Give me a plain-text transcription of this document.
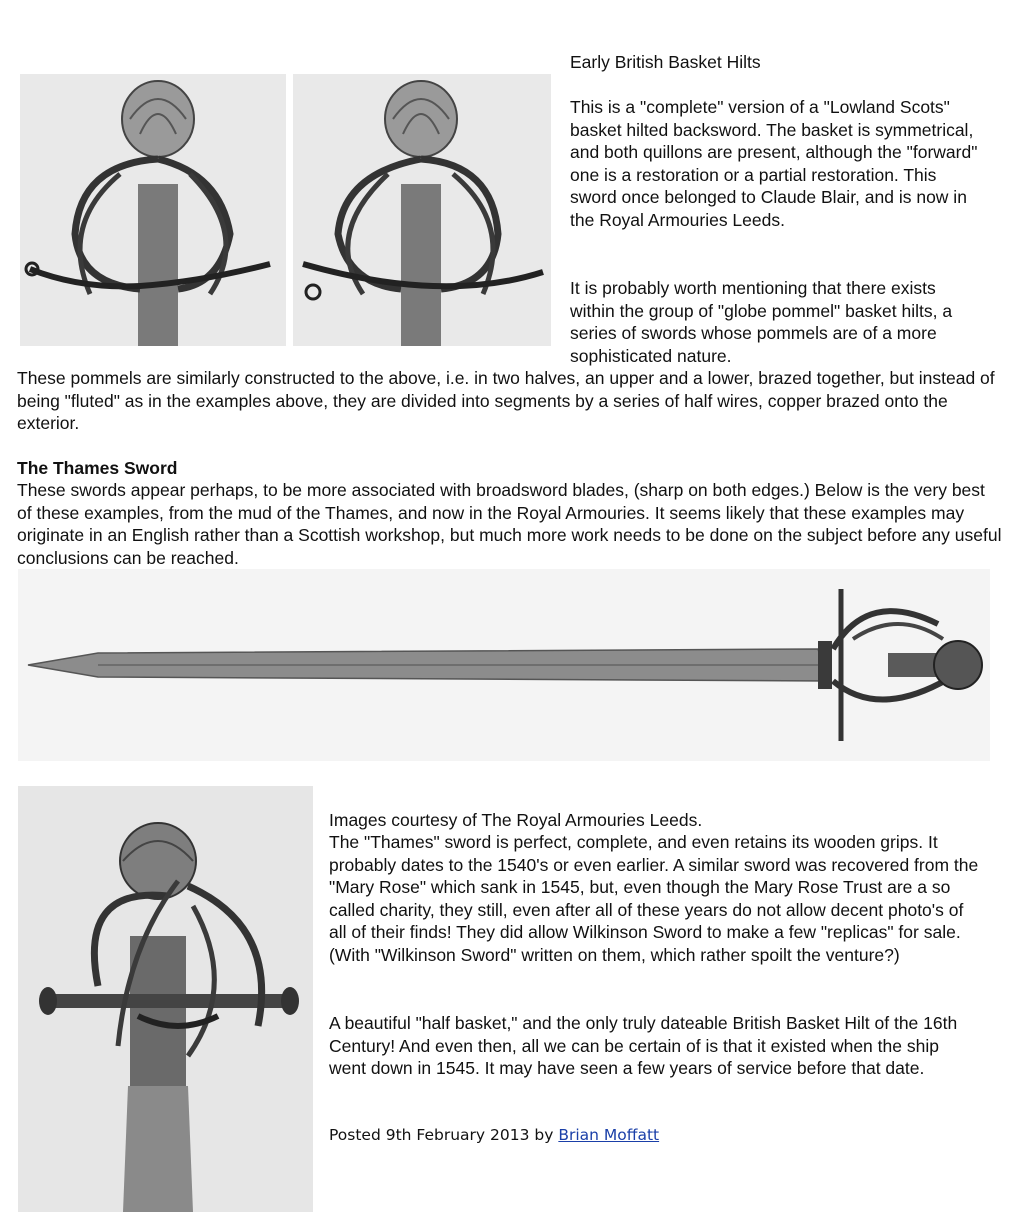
Early British Basket Hilts

This is a "complete" version of a "Lowland Scots" basket hilted backsword. The basket is symmetrical, and both quillons are present, although the "forward" one is a restoration or a partial restoration. This sword once belonged to Claude Blair, and is now in the Royal Armouries Leeds.

It is probably worth mentioning that there exists within the group of "globe pommel" basket hilts, a series of swords whose pommels are of a more sophisticated nature.

These pommels are similarly constructed to the above, i.e. in two halves, an upper and a lower, brazed together, but instead of being "fluted" as in the examples above, they are divided into segments by a series of half wires, copper brazed onto the exterior.

The Thames Sword

These swords appear perhaps, to be more associated with broadsword blades, (sharp on both edges.) Below is the very best of these examples, from the mud of the Thames, and now in the Royal Armouries. It seems likely that these examples may originate in an English rather than a Scottish workshop, but much more work needs to be done on the subject before any useful conclusions can be reached.

Images courtesy of The Royal Armouries Leeds.

The "Thames" sword is perfect, complete, and even retains its wooden grips. It probably dates to the 1540's or even earlier. A similar sword was recovered from the "Mary Rose" which sank in 1545, but, even though the Mary Rose Trust are a so called charity, they still, even after all of these years do not allow decent photo's of all of their finds! They did allow Wilkinson Sword to make a few "replicas" for sale. (With "Wilkinson Sword" written on them, which rather spoilt the venture?)

A beautiful "half basket," and the only truly dateable British Basket Hilt of the 16th Century! And even then, all we can be certain of is that it existed when the ship went down in 1545. It may have seen a few years of service before that date.

Posted 9th February 2013 by Brian Moffatt
